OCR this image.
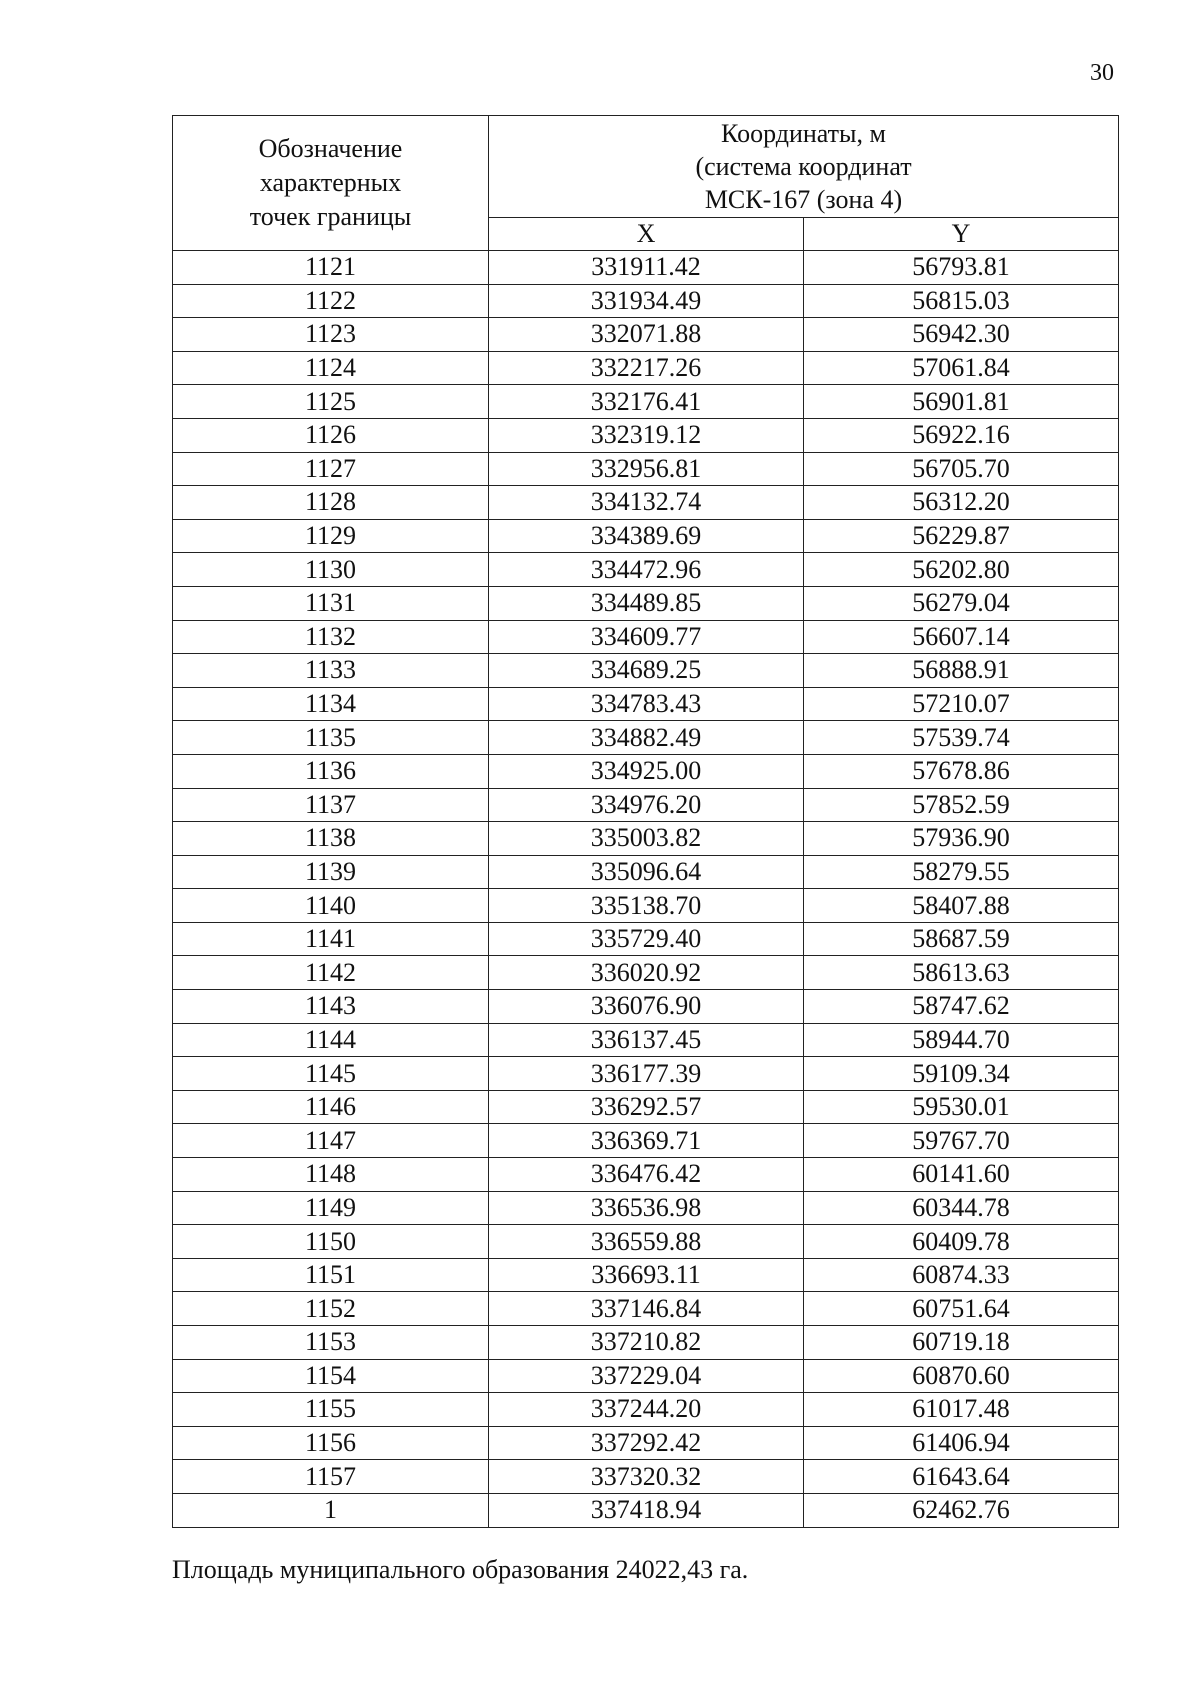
30
Обозначение
характерных
точек границы	Координаты, м
(система координат
МСК-167 (зона 4)	

	X	Y
1121	331911.42	56793.81
1122	331934.49	56815.03
1123	332071.88	56942.30
1124	332217.26	57061.84
1125	332176.41	56901.81
1126	332319.12	56922.16
1127	332956.81	56705.70
1128	334132.74	56312.20
1129	334389.69	56229.87
1130	334472.96	56202.80
1131	334489.85	56279.04
1132	334609.77	56607.14
1133	334689.25	56888.91
1134	334783.43	57210.07
1135	334882.49	57539.74
1136	334925.00	57678.86
1137	334976.20	57852.59
1138	335003.82	57936.90
1139	335096.64	58279.55
1140	335138.70	58407.88
1141	335729.40	58687.59
1142	336020.92	58613.63
1143	336076.90	58747.62
1144	336137.45	58944.70
1145	336177.39	59109.34
1146	336292.57	59530.01
1147	336369.71	59767.70
1148	336476.42	60141.60
1149	336536.98	60344.78
1150	336559.88	60409.78
1151	336693.11	60874.33
1152	337146.84	60751.64
1153	337210.82	60719.18
1154	337229.04	60870.60
1155	337244.20	61017.48
1156	337292.42	61406.94
1157	337320.32	61643.64
1	337418.94	62462.76
Площадь муниципального образования 24022,43 га.
